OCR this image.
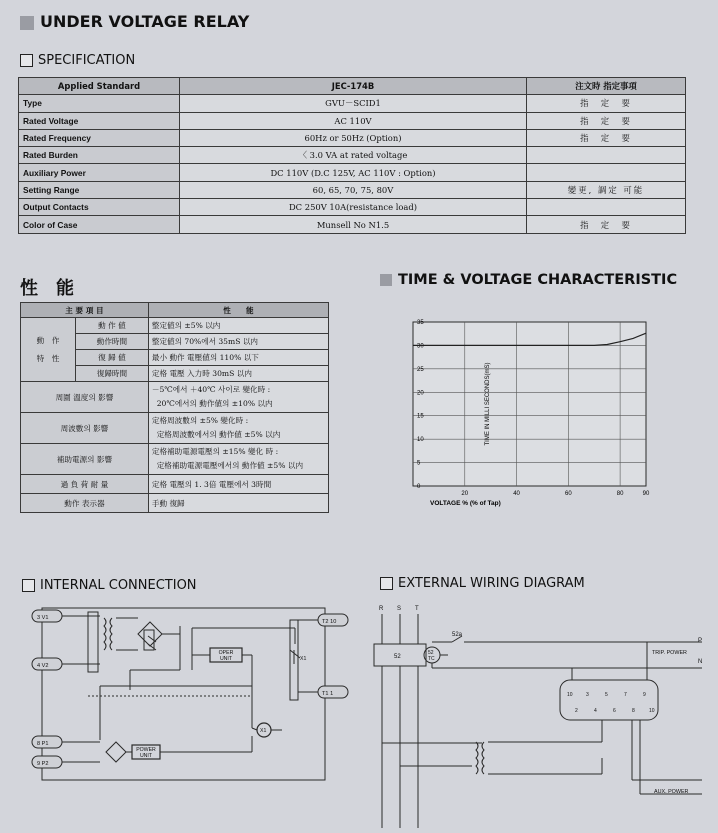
UNDER VOLTAGE RELAY
SPECIFICATION
Applied Standard	JEC-174B	注文時 指定事項
Type	GVU－SCID1	指　定　要
Rated Voltage	AC 110V	指　定　要
Rated Frequency	60Hz or 50Hz (Option)	指　定　要
Rated Burden	〈 3.0 VA at rated voltage	
Auxiliary Power	DC 110V (D.C 125V, AC 110V : Option)	
Setting Range	60, 65, 70, 75, 80V	變更, 調定 可能
Output Contacts	DC 250V 10A(resistance load)	
Color of Case	Munsell No N1.5	指　定　要
性　能
主 要 項 目		性　　能
動　作
特　性	動 作 値	整定値의 ±5% 以内
	動作時間	整定値의 70%에서 35mS 以内
	復 歸 値	最小 動作 電壓値의 110% 以下
	復歸時間	定格 電壓 入力時 30mS 以内
周圍 溫度의 影響		－5℃에서 ＋40℃ 사이로 變化時 :
20℃에서의 動作値의 ±10% 以内
周波數의 影響		定格周波數의 ±5% 變化時 :
定格周波數에서의 動作値 ±5% 以内
補助電源의 影響		定格補助電源電壓의 ±15% 變化 時 :
定格補助電源電壓에서의 動作値 ±5% 以内
過 負 荷 耐 量		定格 電壓의 1. 3倍 電壓에서 3時間
動作 表示器		手動 復歸
TIME & VOLTAGE CHARACTERISTIC
0
5
10
15
20
25
30
35
20	40	60	80	90
TIME IN MILLI SECONDS(mS)
VOLTAGE % (% of Tap)
INTERNAL CONNECTION
3 V1
4 V2
8 P1
9 P2
T2 10
T1 1
OPER
UNIT
POWER
UNIT
X1
X1
EXTERNAL WIRING DIAGRAM
R S T
52
52a
52
TC
P
N
TRIP. POWER
AUX. POWER
10	3	5	7	9
2	4	6	8	10
